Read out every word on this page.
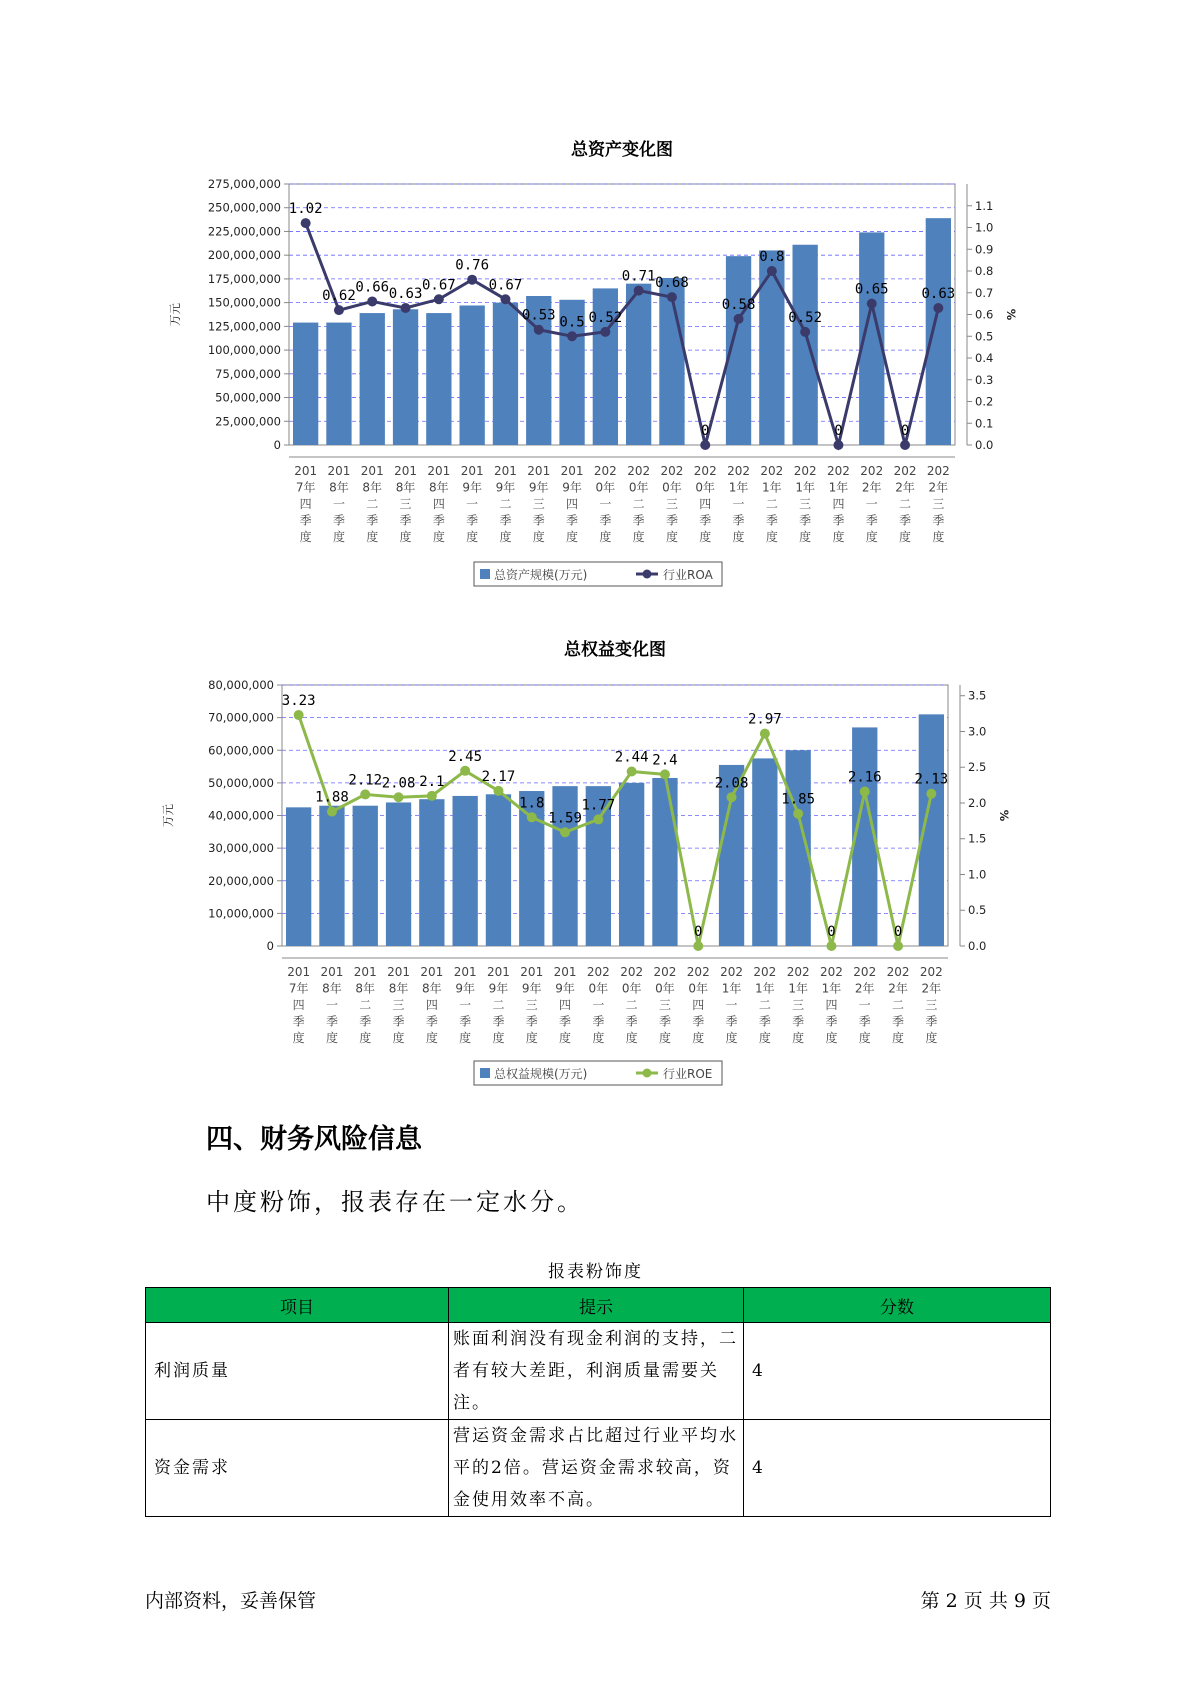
总资产变化图
0
25,000,000
50,000,000
75,000,000
100,000,000
125,000,000
150,000,000
175,000,000
200,000,000
225,000,000
250,000,000
275,000,000
0.0
0.1
0.2
0.3
0.4
0.5
0.6
0.7
0.8
0.9
1.0
1.1
万元	%
201
7年
四
季
度
201
8年
一
季
度
201
8年
二
季
度
201
8年
三
季
度
201
8年
四
季
度
201
9年
一
季
度
201
9年
二
季
度
201
9年
三
季
度
201
9年
四
季
度
202
0年
一
季
度
202
0年
二
季
度
202
0年
三
季
度
202
0年
四
季
度
202
1年
一
季
度
202
1年
二
季
度
202
1年
三
季
度
202
1年
四
季
度
202
2年
一
季
度
202
2年
二
季
度
202
2年
三
季
度
1.02
0.62
0.66 0.63
0.67
0.76
0.67
0.53 0.5 0.52
0.71 0.68
0
0.58
0.8
0.52
0
0.65
0
0.63
总资产规模(万元)	行业ROA
总权益变化图
0
10,000,000
20,000,000
30,000,000
40,000,000
50,000,000
60,000,000
70,000,000
80,000,000
0.0
0.5
1.0
1.5
2.0
2.5
3.0
3.5
万元	%
201
7年
四
季
度
201
8年
一
季
度
201
8年
二
季
度
201
8年
三
季
度
201
8年
四
季
度
201
9年
一
季
度
201
9年
二
季
度
201
9年
三
季
度
201
9年
四
季
度
202
0年
一
季
度
202
0年
二
季
度
202
0年
三
季
度
202
0年
四
季
度
202
1年
一
季
度
202
1年
二
季
度
202
1年
三
季
度
202
1年
四
季
度
202
2年
一
季
度
202
2年
二
季
度
202
2年
三
季
度
3.23
1.88
2.12 2.08 2.1
2.45
2.17
1.8
1.59
1.77
2.44 2.4
0
2.08
2.97
1.85
0
2.16
0
2.13
总权益规模(万元)	行业ROE
四、财务风险信息
中度粉饰，报表存在一定水分。
报表粉饰度
项目	提示	分数
利润质量	账面利润没有现金利润的支持，二者有较大差距，利润质量需要关注。	4
资金需求	营运资金需求占比超过行业平均水平的2倍。营运资金需求较高，资金使用效率不高。	4
内部资料，妥善保管	第 2 页 共 9 页
